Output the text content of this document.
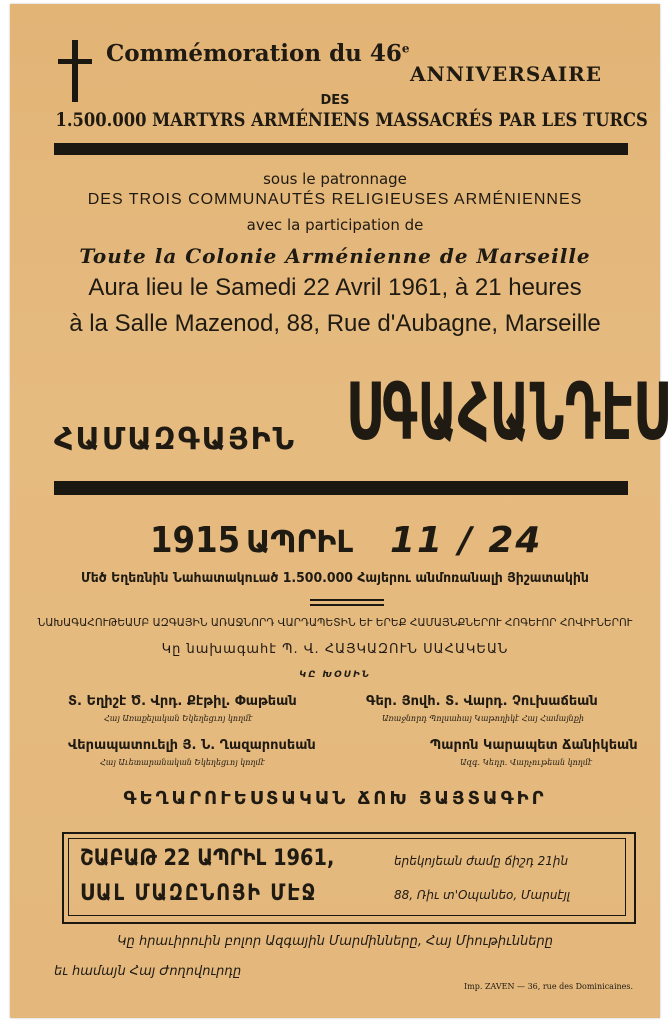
Commémoration du 46e
ANNIVERSAIRE
DES
1.500.000 MARTYRS ARMÉNIENS MASSACRÉS PAR LES TURCS
sous le patronnage
DES TROIS COMMUNAUTÉS RELIGIEUSES ARMÉNIENNES
avec la participation de
Toute la Colonie Arménienne de Marseille
Aura lieu le Samedi 22 Avril 1961, à 21 heures
à la Salle Mazenod, 88, Rue d'Aubagne, Marseille
ՀԱՄԱԶԳԱՅԻՆ ՍԳԱՀԱՆԴԷՍ
1915 ԱՊՐԻԼ 11 / 24
Մեծ Եղեռնին Նահատակուած 1.500.000 Հայերու անմոռանալի Յիշատակին
ՆԱԽԱԳԱՀՈՒԹԵԱՄԲ ԱԶԳԱՅԻՆ ԱՌԱՋՆՈՐԴ ՎԱՐԴԱՊԵՏԻՆ ԵՒ ԵՐԵՔ ՀԱՄԱՅՆՔՆԵՐՈՒ ՀՈԳԵՒՈՐ ՀՈՎԻՒՆԵՐՈՒ
Կը նախագահէ Պ. Վ. ՀԱՅԿԱԶՈՒՆ ՍԱՀԱԿԵԱՆ
ԿԸ ԽՕՍԻՆ
Տ. Եղիշէ Ծ. Վրդ. Քէթիլ. Փաթեան
Հայ Առաքելական Եկեղեցւոյ կողմէ
Գեր. Յովհ. Տ. Վարդ. Չուխաճեան
Առաջնորդ Պոլսահայ Կաթողիկէ Հայ Համայնքի
Վերապատուելի Յ. Ն. Ղազարոսեան
Հայ Աւետարանական Եկեղեցւոյ կողմէ
Պարոն Կարապետ Ճանիկեան
Ազգ. Կեդր. Վարչութեան կողմէ
ԳԵՂԱՐՈՒԵՍՏԱԿԱՆ ՃՈԽ ՅԱՅՏԱԳԻՐ
ՇԱԲԱԹ 22 ԱՊՐԻԼ 1961,	երեկոյեան ժամը ճիշդ 21ին
ՍԱԼ ՄԱԶԸՆՈՅԻ ՄԷՋ	88, Ռիւ տ'Օպանեօ, Մարսէյլ
Կը հրաւիրուին բոլոր Ազգային Մարմինները, Հայ Միութիւնները
եւ համայն Հայ Ժողովուրդը
Imp. ZAVEN — 36, rue des Dominicaines.
